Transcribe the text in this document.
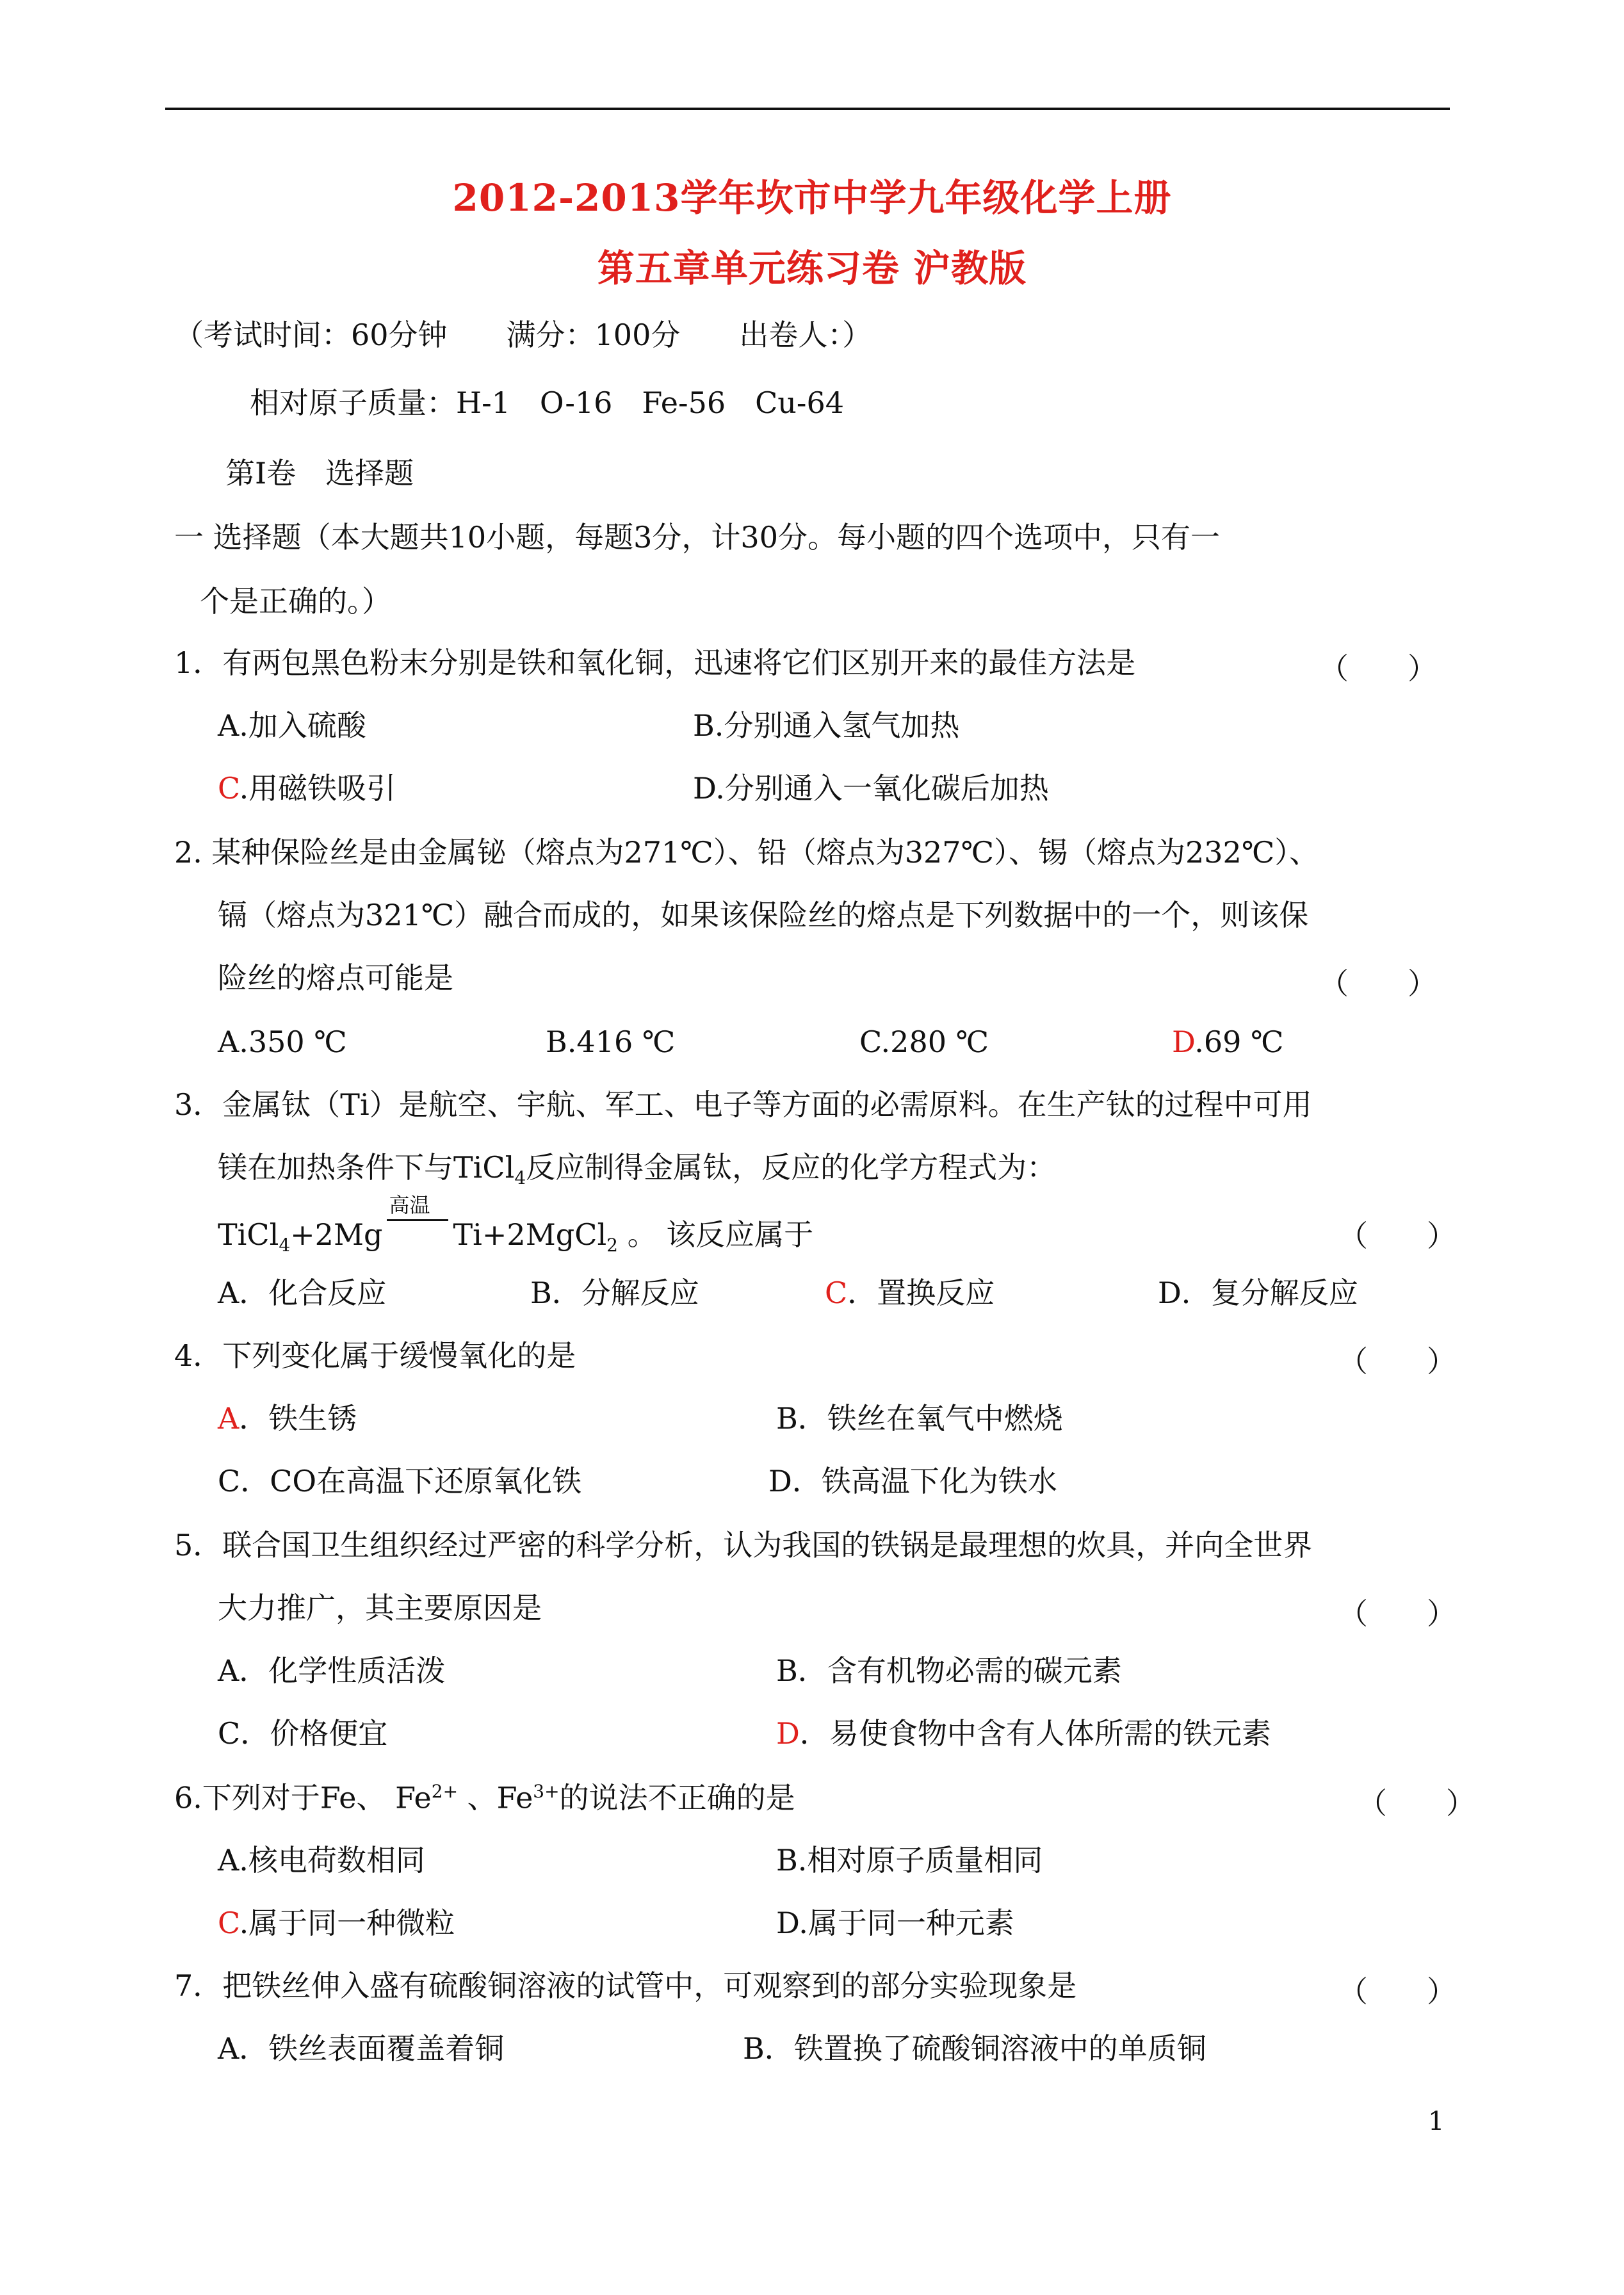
2012-2013学年坎市中学九年级化学上册
第五章单元练习卷 沪教版
（考试时间：60分钟　　满分：100分　　出卷人：）
相对原子质量：H-1　O-16　Fe-56　Cu-64
第Ⅰ卷　选择题
一 选择题（本大题共10小题，每题3分，计30分。每小题的四个选项中，只有一
个是正确的。）
1．有两包黑色粉末分别是铁和氧化铜，迅速将它们区别开来的最佳方法是	（　　）
A.加入硫酸	B.分别通入氢气加热
C.用磁铁吸引	D.分别通入一氧化碳后加热
2. 某种保险丝是由金属铋（熔点为271℃）、铅（熔点为327℃）、锡（熔点为232℃）、
镉（熔点为321℃）融合而成的，如果该保险丝的熔点是下列数据中的一个，则该保
险丝的熔点可能是	（　　）
A.350 ℃	B.416 ℃	C.280 ℃	D.69 ℃
3．金属钛（Ti）是航空、宇航、军工、电子等方面的必需原料。在生产钛的过程中可用
镁在加热条件下与TiCl$_4$反应制得金属钛，反应的化学方程式为：
TiCl$_4$+2Mg
高温
Ti+2MgCl$_2$ 。 该反应属于	（　　）
A．化合反应	B．分解反应	C．置换反应	D．复分解反应
4．下列变化属于缓慢氧化的是	（　　）
A．铁生锈	B．铁丝在氧气中燃烧
C．CO在高温下还原氧化铁	D．铁高温下化为铁水
5．联合国卫生组织经过严密的科学分析，认为我国的铁锅是最理想的炊具，并向全世界
大力推广，其主要原因是	（　　）
A．化学性质活泼	B．含有机物必需的碳元素
C．价格便宜	D．易使食物中含有人体所需的铁元素
6.下列对于Fe、 $Fe^{2+}$ 、$Fe^{3+}$的说法不正确的是	（　　）
A.核电荷数相同	B.相对原子质量相同
C.属于同一种微粒	D.属于同一种元素
7．把铁丝伸入盛有硫酸铜溶液的试管中，可观察到的部分实验现象是	（　　）
A．铁丝表面覆盖着铜	B．铁置换了硫酸铜溶液中的单质铜
1
